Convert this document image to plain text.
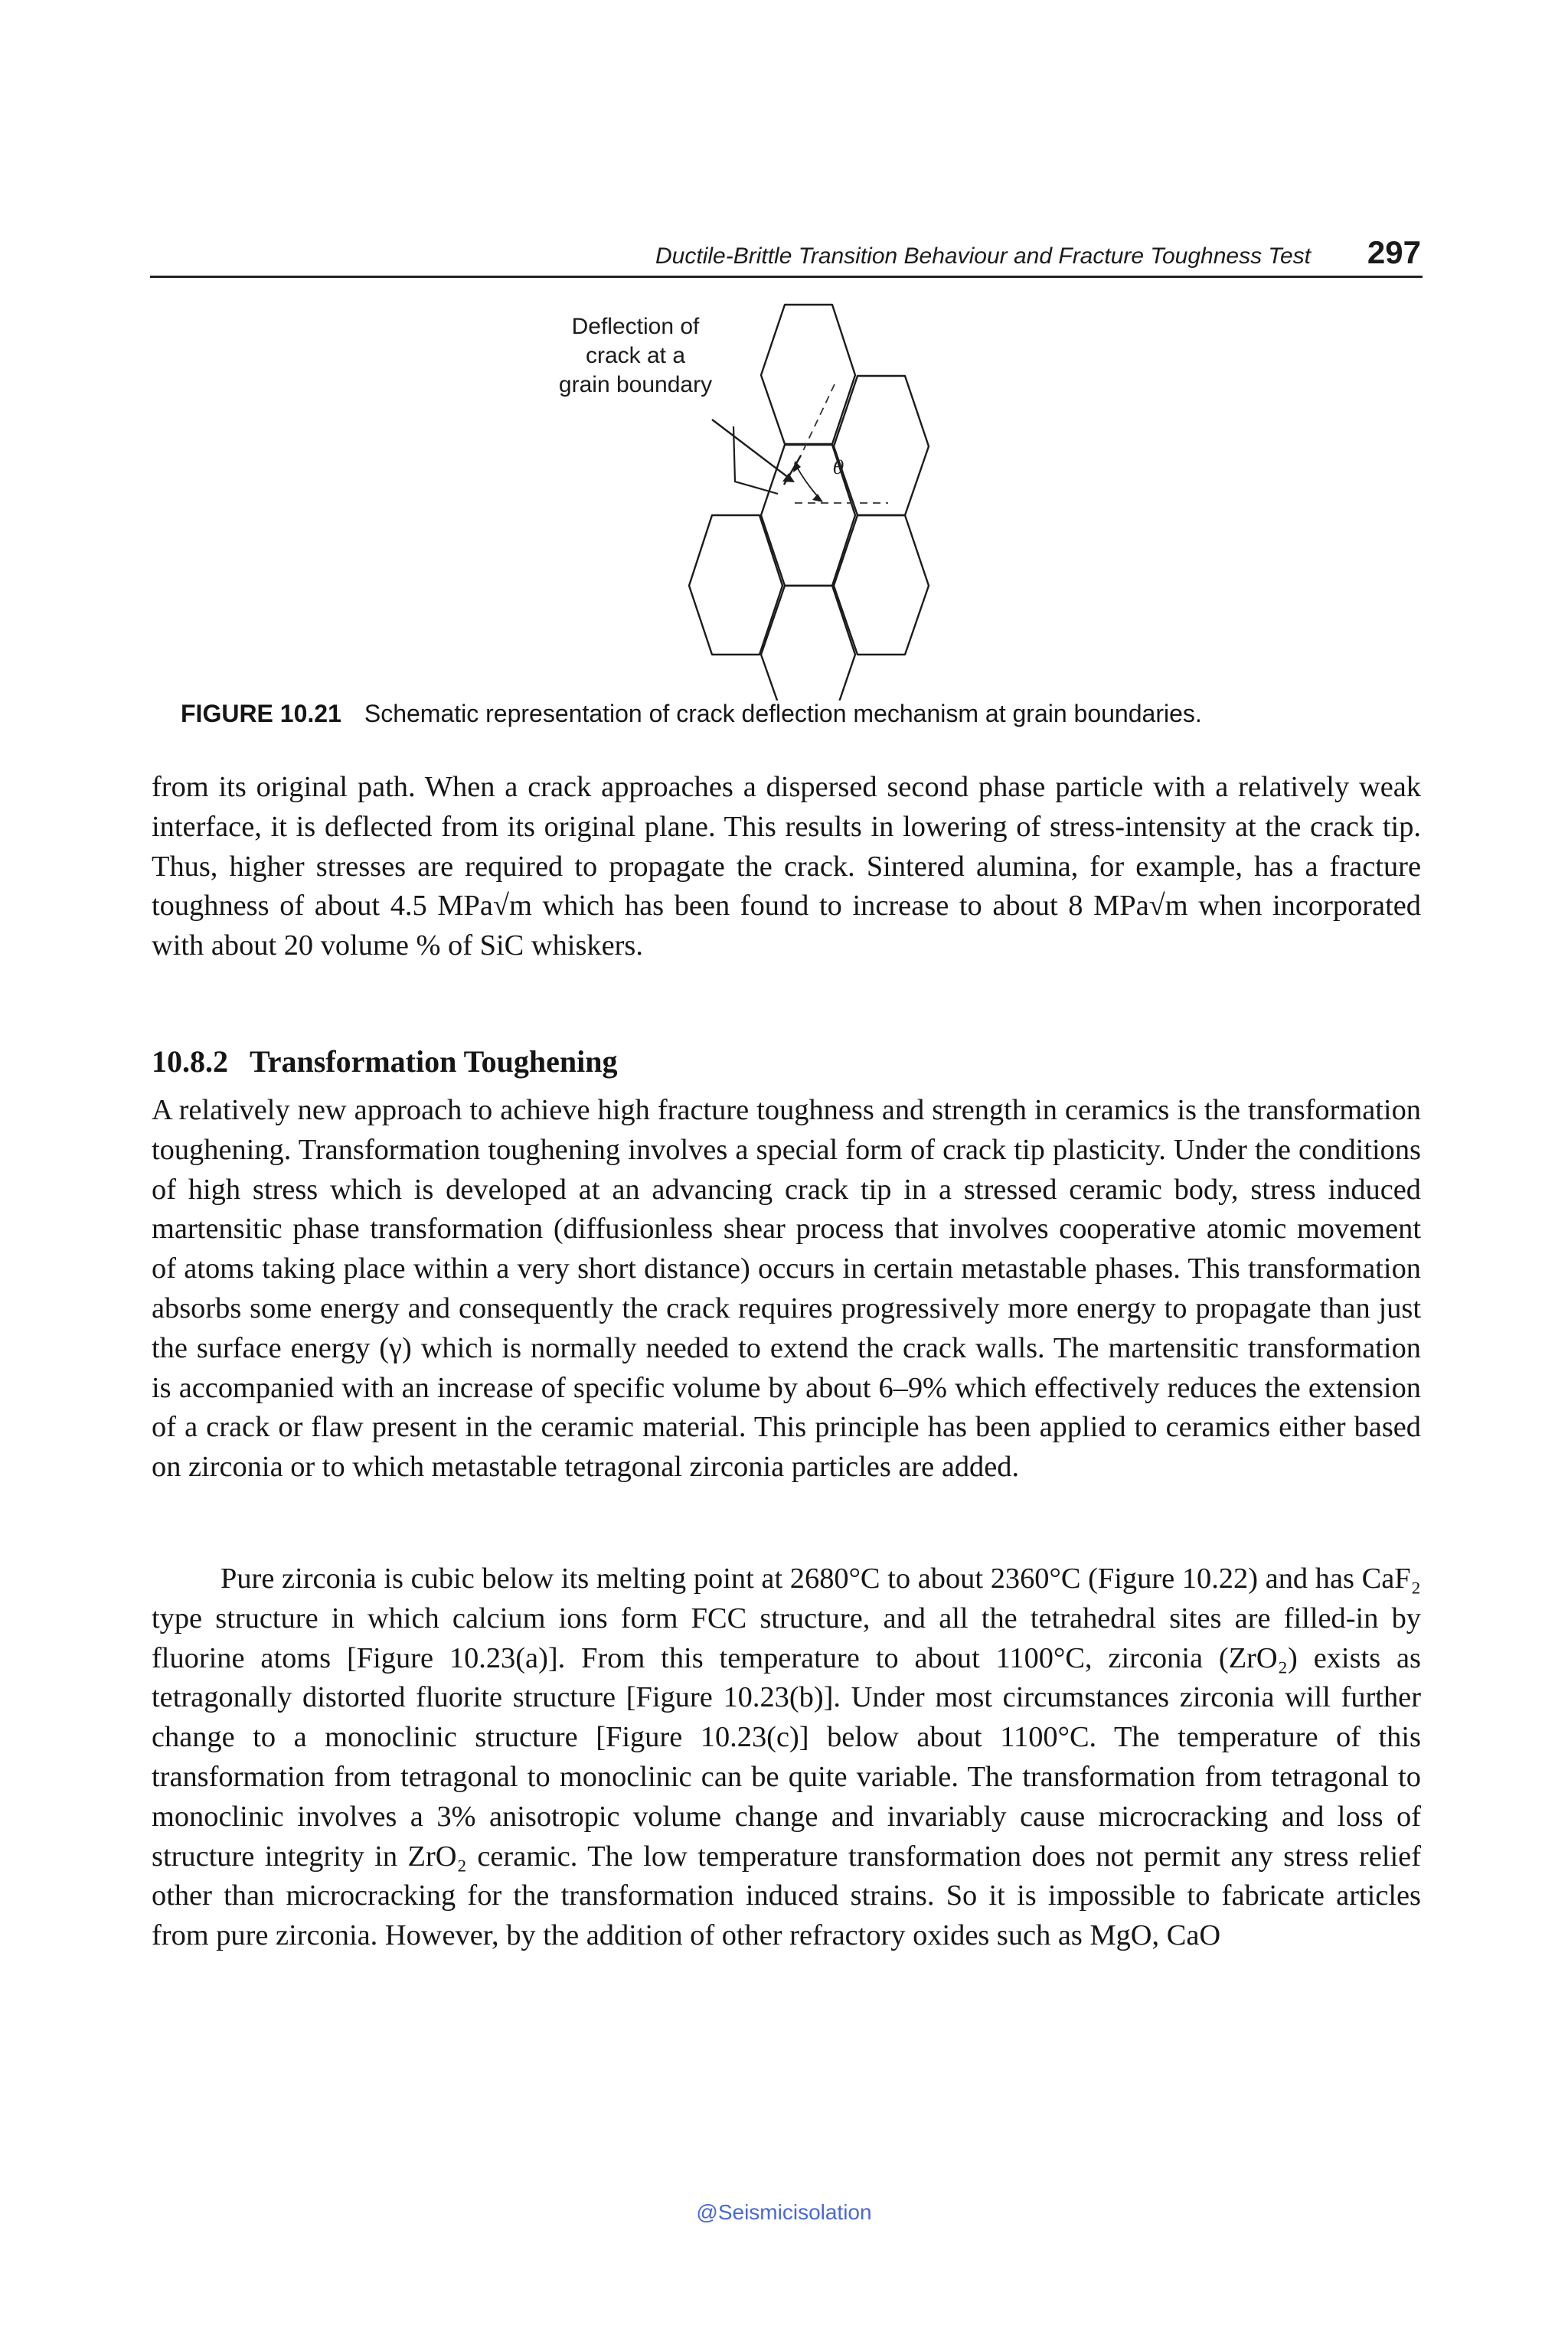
Ductile-Brittle Transition Behaviour and Fracture Toughness Test 297
Deflection of
crack at a
grain boundary
θ
FIGURE 10.21 Schematic representation of crack deflection mechanism at grain boundaries.

from its original path. When a crack approaches a dispersed second phase particle with a relatively weak interface, it is deflected from its original plane. This results in lowering of stress-intensity at the crack tip. Thus, higher stresses are required to propagate the crack. Sintered alumina, for example, has a fracture toughness of about 4.5 MPa√m which has been found to increase to about 8 MPa√m when incorporated with about 20 volume % of SiC whiskers.

10.8.2 Transformation Toughening

A relatively new approach to achieve high fracture toughness and strength in ceramics is the transformation toughening. Transformation toughening involves a special form of crack tip plasticity. Under the conditions of high stress which is developed at an advancing crack tip in a stressed ceramic body, stress induced martensitic phase transformation (diffusionless shear process that involves cooperative atomic movement of atoms taking place within a very short distance) occurs in certain metastable phases. This transformation absorbs some energy and consequently the crack requires progressively more energy to propagate than just the surface energy (γ) which is normally needed to extend the crack walls. The martensitic transformation is accompanied with an increase of specific volume by about 6–9% which effectively reduces the extension of a crack or flaw present in the ceramic material. This principle has been applied to ceramics either based on zirconia or to which metastable tetragonal zirconia particles are added.

Pure zirconia is cubic below its melting point at 2680°C to about 2360°C (Figure 10.22) and has CaF₂ type structure in which calcium ions form FCC structure, and all the tetrahedral sites are filled-in by fluorine atoms [Figure 10.23(a)]. From this temperature to about 1100°C, zirconia (ZrO₂) exists as tetragonally distorted fluorite structure [Figure 10.23(b)]. Under most circumstances zirconia will further change to a monoclinic structure [Figure 10.23(c)] below about 1100°C. The temperature of this transformation from tetragonal to monoclinic can be quite variable. The transformation from tetragonal to monoclinic involves a 3% anisotropic volume change and invariably cause microcracking and loss of structure integrity in ZrO₂ ceramic. The low temperature transformation does not permit any stress relief other than microcracking for the transformation induced strains. So it is impossible to fabricate articles from pure zirconia. However, by the addition of other refractory oxides such as MgO, CaO

@Seismicisolation
